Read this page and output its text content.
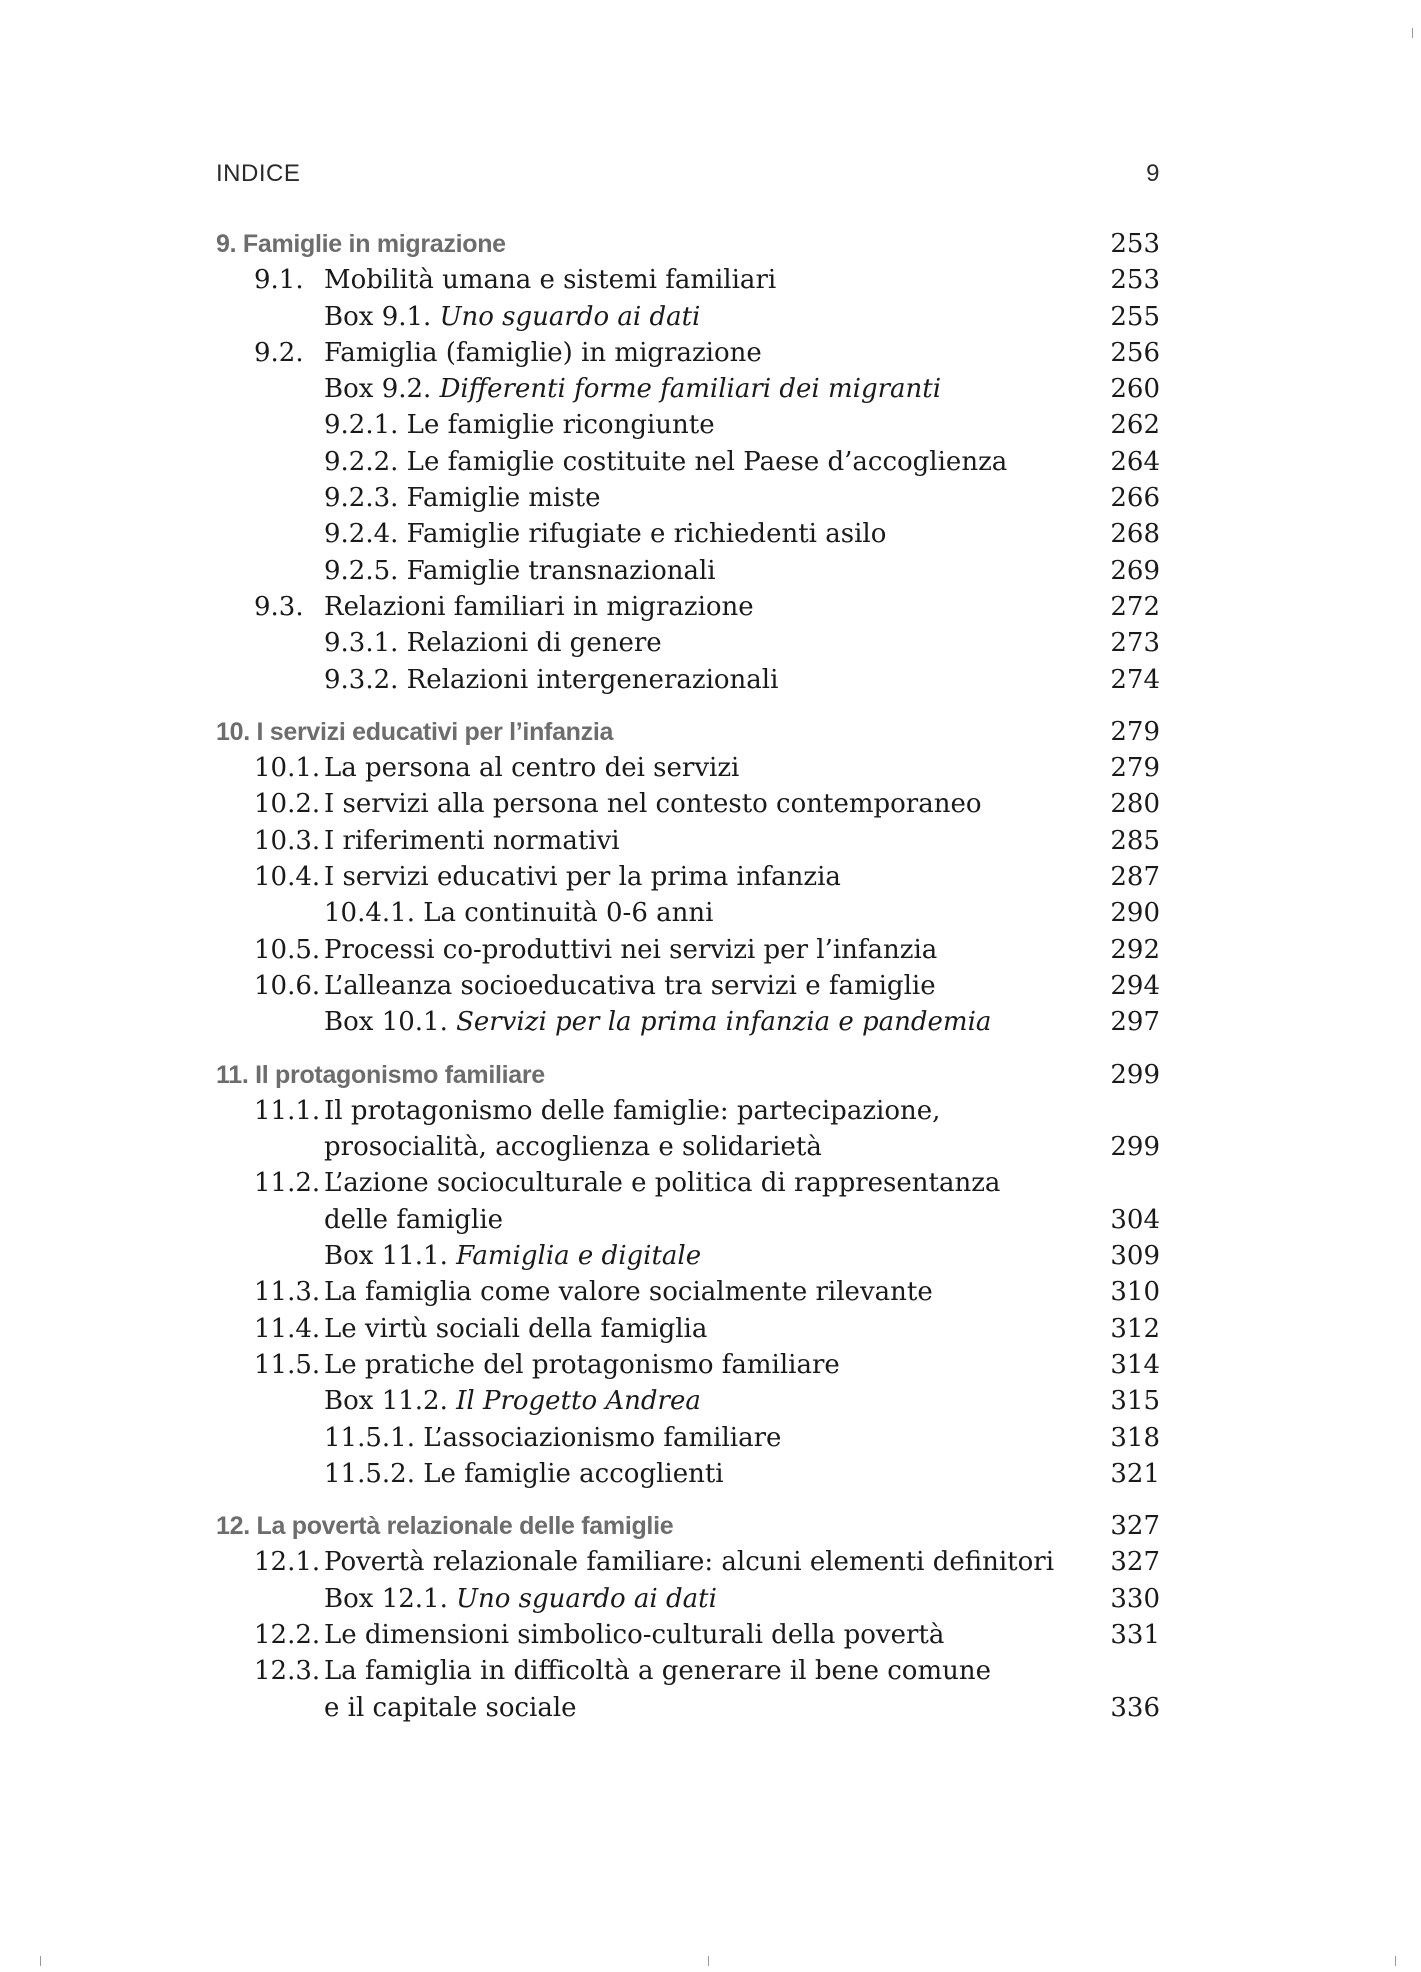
INDICE	9
9. Famiglie in migrazione	253
9.1. Mobilità umana e sistemi familiari	253
Box 9.1. Uno sguardo ai dati	255
9.2. Famiglia (famiglie) in migrazione	256
Box 9.2. Differenti forme familiari dei migranti	260
9.2.1. Le famiglie ricongiunte	262
9.2.2. Le famiglie costituite nel Paese d’accoglienza	264
9.2.3. Famiglie miste	266
9.2.4. Famiglie rifugiate e richiedenti asilo	268
9.2.5. Famiglie transnazionali	269
9.3. Relazioni familiari in migrazione	272
9.3.1. Relazioni di genere	273
9.3.2. Relazioni intergenerazionali	274
10. I servizi educativi per l’infanzia	279
10.1. La persona al centro dei servizi	279
10.2. I servizi alla persona nel contesto contemporaneo	280
10.3. I riferimenti normativi	285
10.4. I servizi educativi per la prima infanzia	287
10.4.1. La continuità 0-6 anni	290
10.5. Processi co-produttivi nei servizi per l’infanzia	292
10.6. L’alleanza socioeducativa tra servizi e famiglie	294
Box 10.1. Servizi per la prima infanzia e pandemia	297
11. Il protagonismo familiare	299
11.1. Il protagonismo delle famiglie: partecipazione,
prosocialità, accoglienza e solidarietà	299
11.2. L’azione socioculturale e politica di rappresentanza
delle famiglie	304
Box 11.1. Famiglia e digitale	309
11.3. La famiglia come valore socialmente rilevante	310
11.4. Le virtù sociali della famiglia	312
11.5. Le pratiche del protagonismo familiare	314
Box 11.2. Il Progetto Andrea	315
11.5.1. L’associazionismo familiare	318
11.5.2. Le famiglie accoglienti	321
12. La povertà relazionale delle famiglie	327
12.1. Povertà relazionale familiare: alcuni elementi definitori 327
Box 12.1. Uno sguardo ai dati	330
12.2. Le dimensioni simbolico-culturali della povertà	331
12.3. La famiglia in difficoltà a generare il bene comune
e il capitale sociale	336
